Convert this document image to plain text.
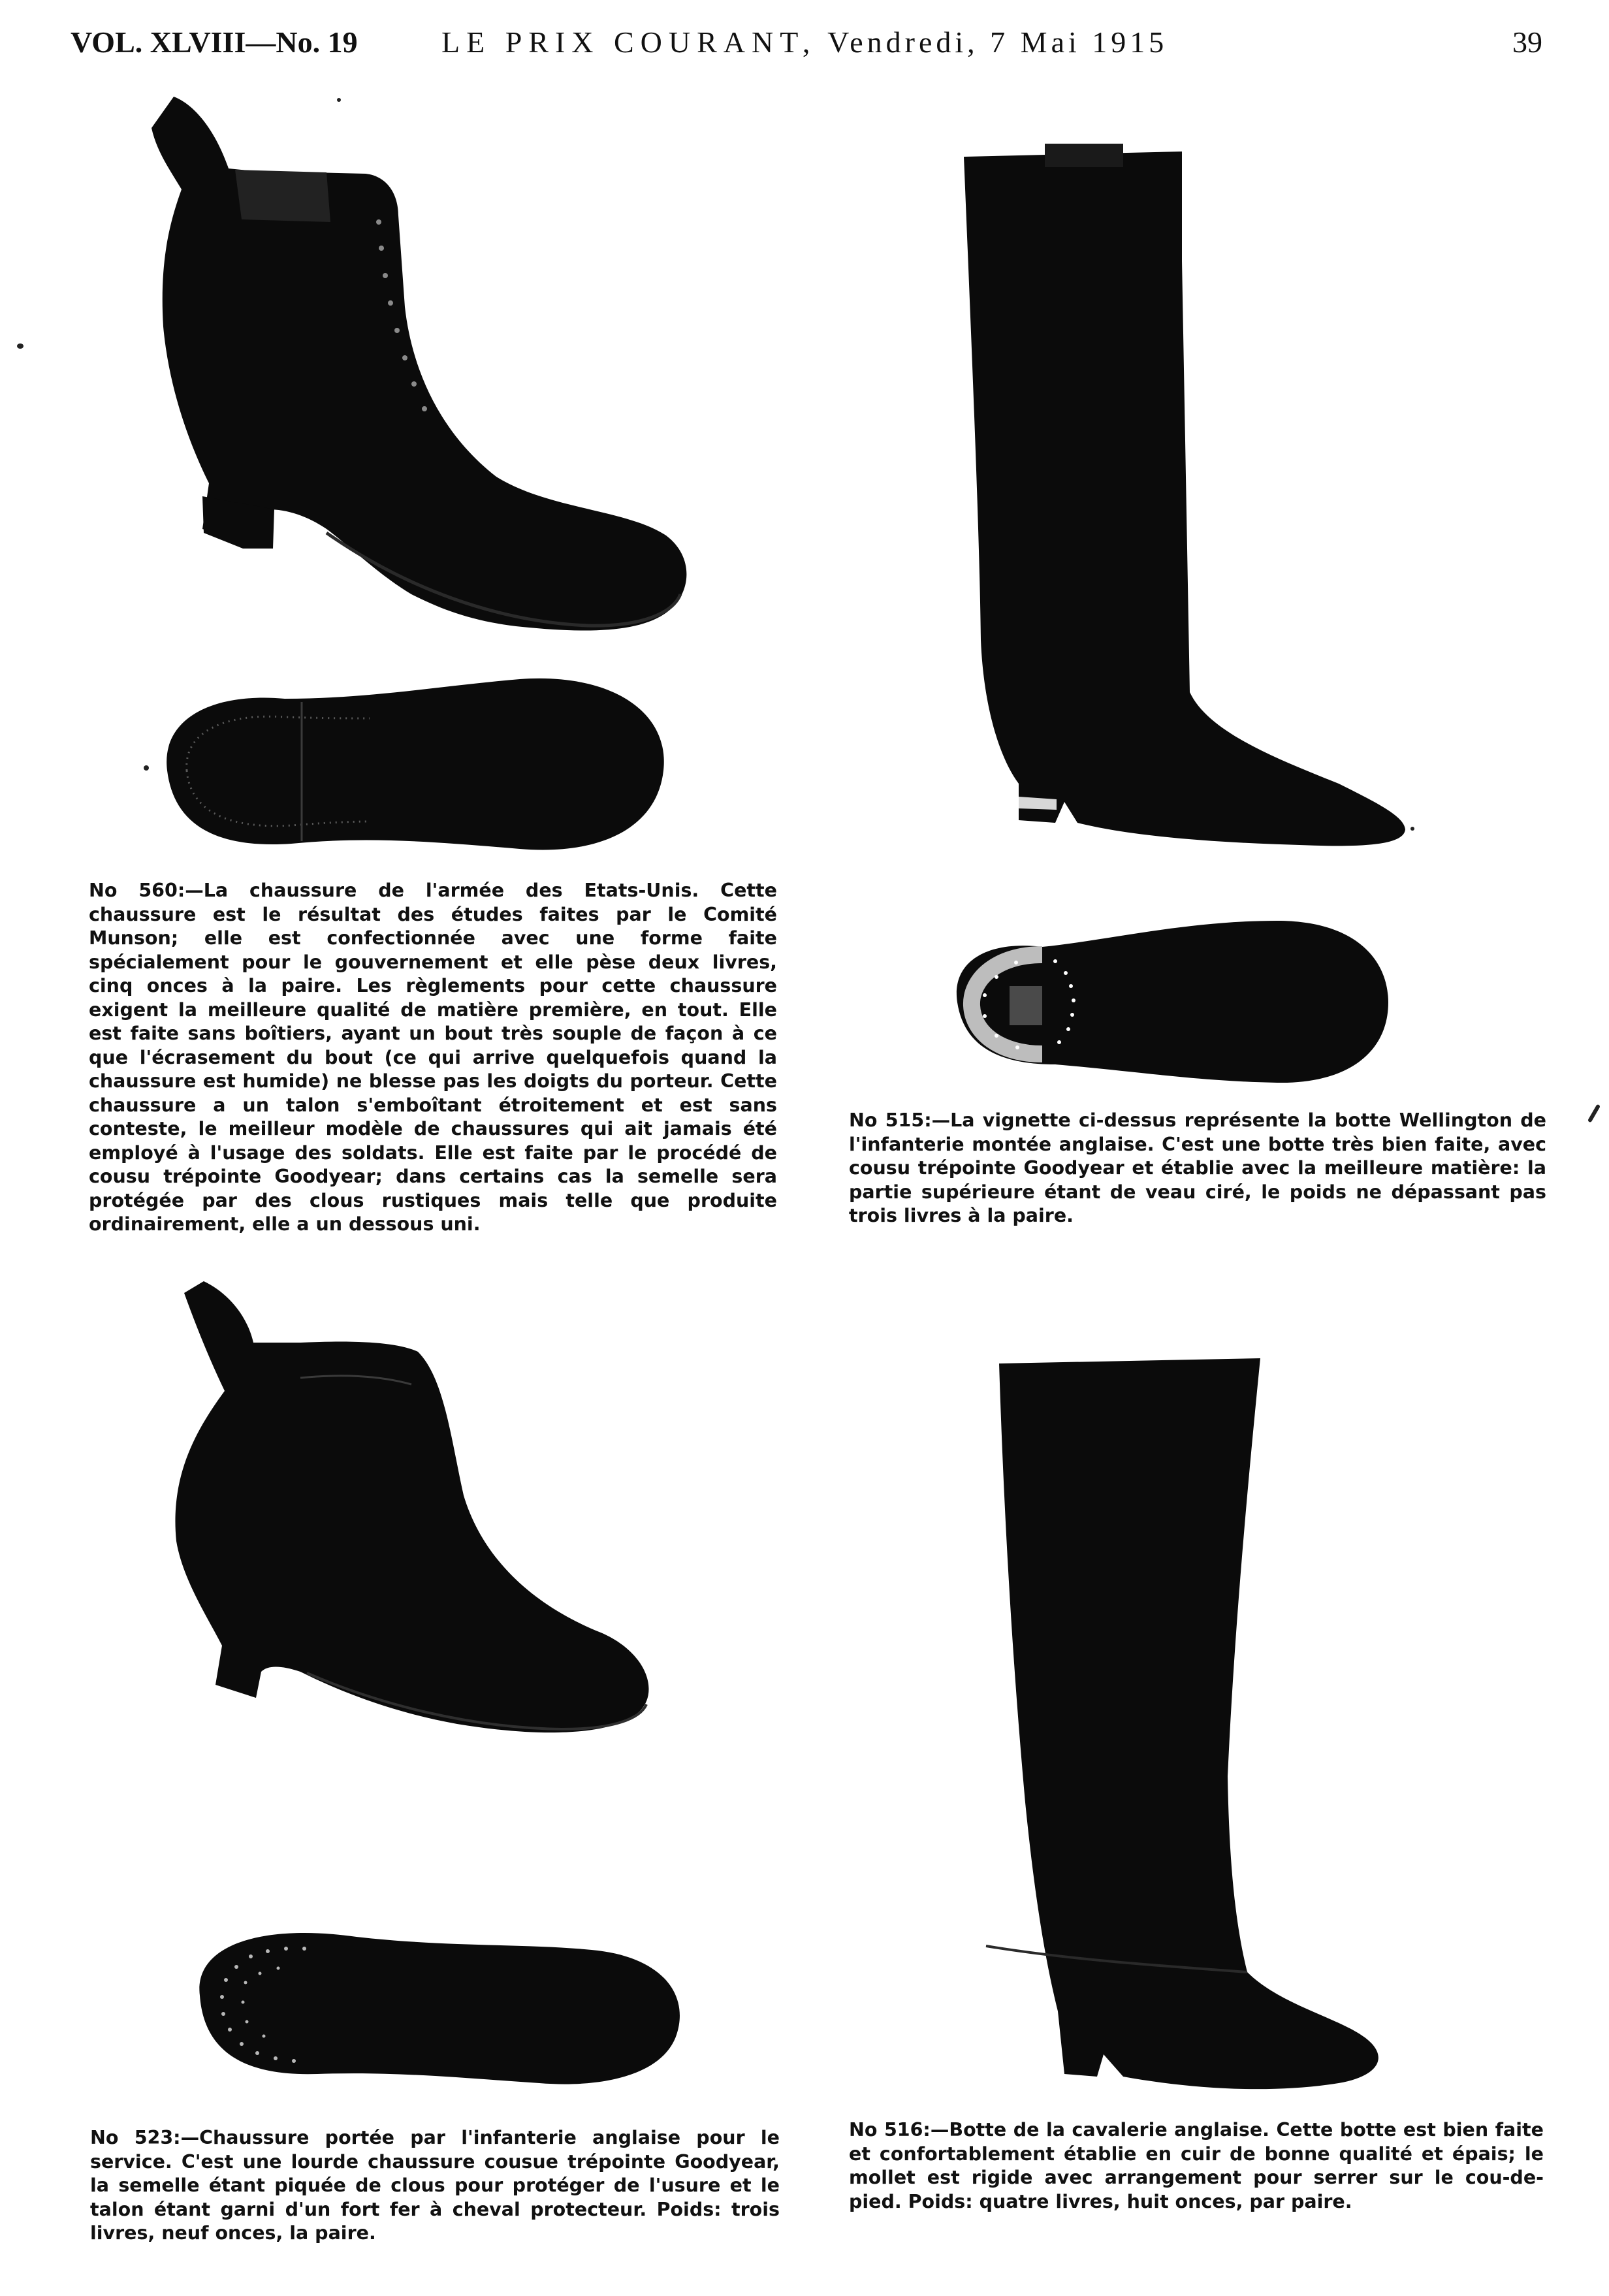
VOL. XLVIII—No. 19	LE PRIX COURANT, Vendredi, 7 Mai 1915	39
No 560:—La chaussure de l'armée des Etats-Unis. Cette chaussure est le résultat des études faites par le Comité Munson; elle est confectionnée avec une forme faite spécialement pour le gouvernement et elle pèse deux livres, cinq onces à la paire. Les règlements pour cette chaussure exigent la meilleure qualité de matière première, en tout. Elle est faite sans boîtiers, ayant un bout très souple de façon à ce que l'écrasement du bout (ce qui arrive quelquefois quand la chaussure est humide) ne blesse pas les doigts du porteur. Cette chaussure a un talon s'emboîtant étroitement et est sans conteste, le meilleur modèle de chaussures qui ait jamais été employé à l'usage des soldats. Elle est faite par le procédé de cousu trépointe Goodyear; dans certains cas la semelle sera protégée par des clous rustiques mais telle que produite ordinairement, elle a un dessous uni.
No 515:—La vignette ci-dessus représente la botte Wellington de l'infanterie montée anglaise. C'est une botte très bien faite, avec cousu trépointe Goodyear et établie avec la meilleure matière: la partie supérieure étant de veau ciré, le poids ne dépassant pas trois livres à la paire.
No 523:—Chaussure portée par l'infanterie anglaise pour le service. C'est une lourde chaussure cousue trépointe Goodyear, la semelle étant piquée de clous pour protéger de l'usure et le talon étant garni d'un fort fer à cheval protecteur. Poids: trois livres, neuf onces, la paire.
No 516:—Botte de la cavalerie anglaise. Cette botte est bien faite et confortablement établie en cuir de bonne qualité et épais; le mollet est rigide avec arrangement pour serrer sur le cou-de-pied. Poids: quatre livres, huit onces, par paire.
